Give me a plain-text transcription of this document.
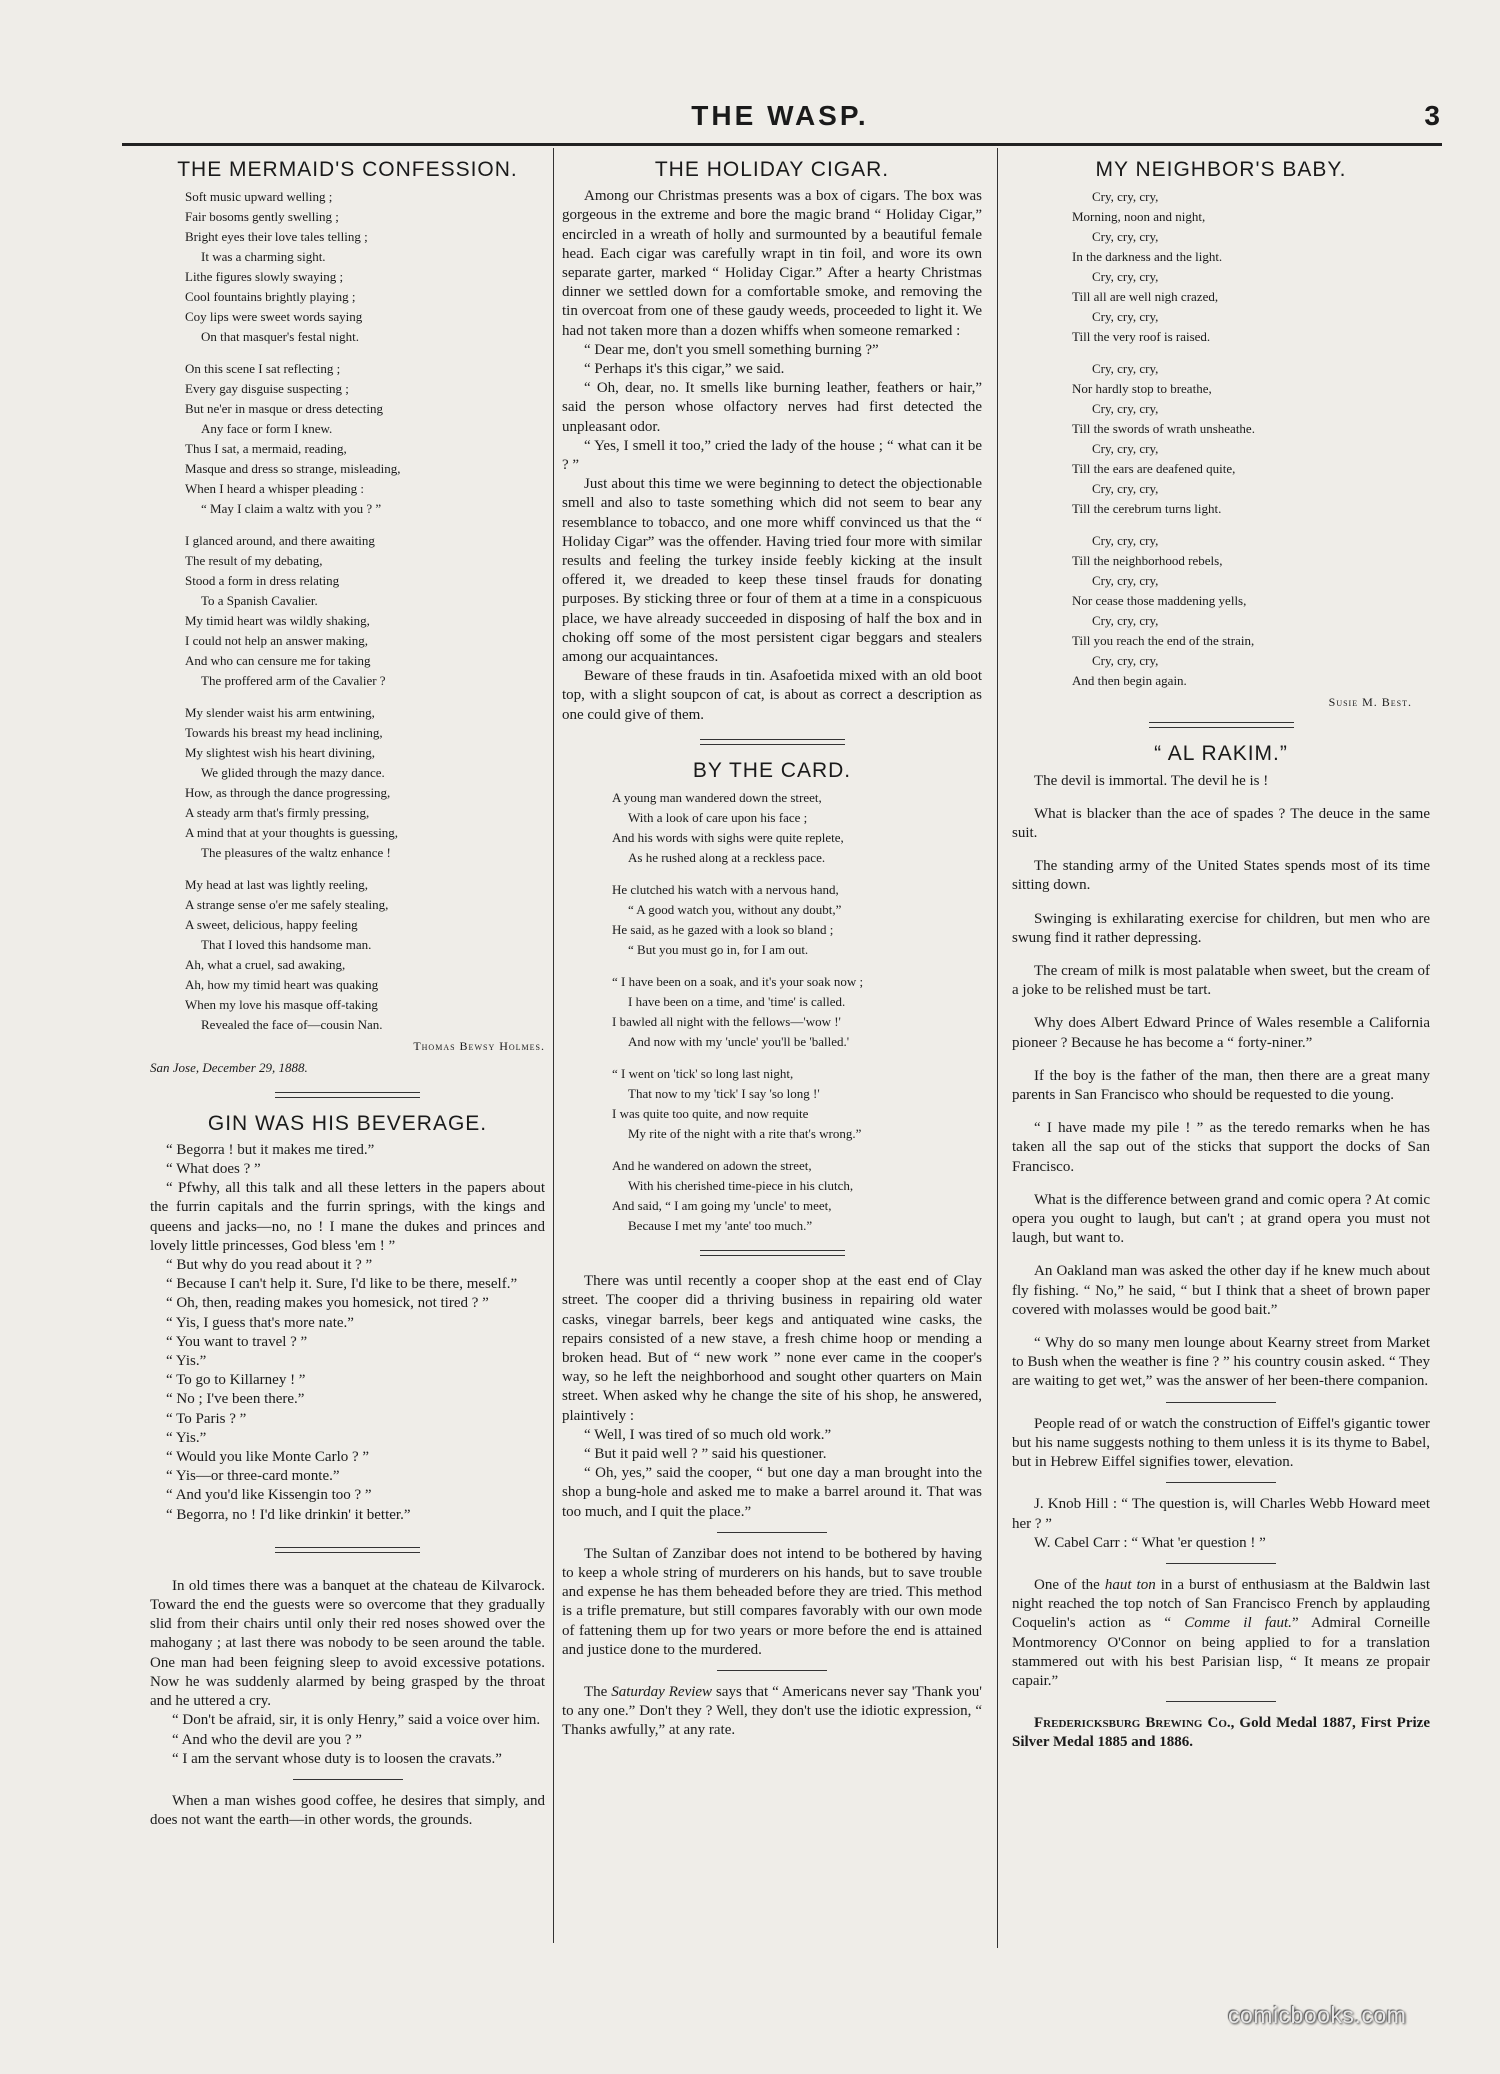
THE WASP.	3
THE MERMAID'S CONFESSION.
Soft music upward welling ;
Fair bosoms gently swelling ;
Bright eyes their love tales telling ;
It was a charming sight.
Lithe figures slowly swaying ;
Cool fountains brightly playing ;
Coy lips were sweet words saying
On that masquer's festal night.
On this scene I sat reflecting ;
Every gay disguise suspecting ;
But ne'er in masque or dress detecting
Any face or form I knew.
Thus I sat, a mermaid, reading,
Masque and dress so strange, misleading,
When I heard a whisper pleading :
“ May I claim a waltz with you ? ”
I glanced around, and there awaiting
The result of my debating,
Stood a form in dress relating
To a Spanish Cavalier.
My timid heart was wildly shaking,
I could not help an answer making,
And who can censure me for taking
The proffered arm of the Cavalier ?
My slender waist his arm entwining,
Towards his breast my head inclining,
My slightest wish his heart divining,
We glided through the mazy dance.
How, as through the dance progressing,
A steady arm that's firmly pressing,
A mind that at your thoughts is guessing,
The pleasures of the waltz enhance !
My head at last was lightly reeling,
A strange sense o'er me safely stealing,
A sweet, delicious, happy feeling
That I loved this handsome man.
Ah, what a cruel, sad awaking,
Ah, how my timid heart was quaking
When my love his masque off-taking
Revealed the face of—cousin Nan.
Thomas Bewsy Holmes.
San Jose, December 29, 1888.
GIN WAS HIS BEVERAGE.

“ Begorra ! but it makes me tired.”

“ What does ? ”

“ Pfwhy, all this talk and all these letters in the papers about the furrin capitals and the furrin springs, with the kings and queens and jacks—no, no ! I mane the dukes and princes and lovely little princesses, God bless 'em ! ”

“ But why do you read about it ? ”

“ Because I can't help it. Sure, I'd like to be there, meself.”

“ Oh, then, reading makes you homesick, not tired ? ”

“ Yis, I guess that's more nate.”

“ You want to travel ? ”

“ Yis.”

“ To go to Killarney ! ”

“ No ; I've been there.”

“ To Paris ? ”

“ Yis.”

“ Would you like Monte Carlo ? ”

“ Yis—or three-card monte.”

“ And you'd like Kissengin too ? ”

“ Begorra, no ! I'd like drinkin' it better.”

In old times there was a banquet at the chateau de Kilvarock. Toward the end the guests were so overcome that they gradually slid from their chairs until only their red noses showed over the mahogany ; at last there was nobody to be seen around the table. One man had been feigning sleep to avoid excessive potations. Now he was suddenly alarmed by being grasped by the throat and he uttered a cry.

“ Don't be afraid, sir, it is only Henry,” said a voice over him.

“ And who the devil are you ? ”

“ I am the servant whose duty is to loosen the cravats.”

When a man wishes good coffee, he desires that simply, and does not want the earth—in other words, the grounds.

THE HOLIDAY CIGAR.

Among our Christmas presents was a box of cigars. The box was gorgeous in the extreme and bore the magic brand “ Holiday Cigar,” encircled in a wreath of holly and surmounted by a beautiful female head. Each cigar was carefully wrapt in tin foil, and wore its own separate garter, marked “ Holiday Cigar.” After a hearty Christmas dinner we settled down for a comfortable smoke, and removing the tin overcoat from one of these gaudy weeds, proceeded to light it. We had not taken more than a dozen whiffs when someone remarked :

“ Dear me, don't you smell something burning ?”

“ Perhaps it's this cigar,” we said.

“ Oh, dear, no. It smells like burning leather, feathers or hair,” said the person whose olfactory nerves had first detected the unpleasant odor.

“ Yes, I smell it too,” cried the lady of the house ; “ what can it be ? ”

Just about this time we were beginning to detect the objectionable smell and also to taste something which did not seem to bear any resemblance to tobacco, and one more whiff convinced us that the “ Holiday Cigar” was the offender. Having tried four more with similar results and feeling the turkey inside feebly kicking at the insult offered it, we dreaded to keep these tinsel frauds for donating purposes. By sticking three or four of them at a time in a conspicuous place, we have already succeeded in disposing of half the box and in choking off some of the most persistent cigar beggars and stealers among our acquaintances.

Beware of these frauds in tin. Asafoetida mixed with an old boot top, with a slight soupcon of cat, is about as correct a description as one could give of them.

BY THE CARD.
A young man wandered down the street,
With a look of care upon his face ;
And his words with sighs were quite replete,
As he rushed along at a reckless pace.
He clutched his watch with a nervous hand,
“ A good watch you, without any doubt,”
He said, as he gazed with a look so bland ;
“ But you must go in, for I am out.
“ I have been on a soak, and it's your soak now ;
I have been on a time, and 'time' is called.
I bawled all night with the fellows—'wow !'
And now with my 'uncle' you'll be 'balled.'
“ I went on 'tick' so long last night,
That now to my 'tick' I say 'so long !'
I was quite too quite, and now requite
My rite of the night with a rite that's wrong.”
And he wandered on adown the street,
With his cherished time-piece in his clutch,
And said, “ I am going my 'uncle' to meet,
Because I met my 'ante' too much.”

There was until recently a cooper shop at the east end of Clay street. The cooper did a thriving business in repairing old water casks, vinegar barrels, beer kegs and antiquated wine casks, the repairs consisted of a new stave, a fresh chime hoop or mending a broken head. But of “ new work ” none ever came in the cooper's way, so he left the neighborhood and sought other quarters on Main street. When asked why he change the site of his shop, he answered, plaintively :

“ Well, I was tired of so much old work.”

“ But it paid well ? ” said his questioner.

“ Oh, yes,” said the cooper, “ but one day a man brought into the shop a bung-hole and asked me to make a barrel around it. That was too much, and I quit the place.”

The Sultan of Zanzibar does not intend to be bothered by having to keep a whole string of murderers on his hands, but to save trouble and expense he has them beheaded before they are tried. This method is a trifle premature, but still compares favorably with our own mode of fattening them up for two years or more before the end is attained and justice done to the murdered.

The Saturday Review says that “ Americans never say 'Thank you' to any one.” Don't they ? Well, they don't use the idiotic expression, “ Thanks awfully,” at any rate.

MY NEIGHBOR'S BABY.
Cry, cry, cry,
Morning, noon and night,
Cry, cry, cry,
In the darkness and the light.
Cry, cry, cry,
Till all are well nigh crazed,
Cry, cry, cry,
Till the very roof is raised.
Cry, cry, cry,
Nor hardly stop to breathe,
Cry, cry, cry,
Till the swords of wrath unsheathe.
Cry, cry, cry,
Till the ears are deafened quite,
Cry, cry, cry,
Till the cerebrum turns light.
Cry, cry, cry,
Till the neighborhood rebels,
Cry, cry, cry,
Nor cease those maddening yells,
Cry, cry, cry,
Till you reach the end of the strain,
Cry, cry, cry,
And then begin again.
Susie M. Best.
“ AL RAKIM.”

The devil is immortal. The devil he is !

What is blacker than the ace of spades ? The deuce in the same suit.

The standing army of the United States spends most of its time sitting down.

Swinging is exhilarating exercise for children, but men who are swung find it rather depressing.

The cream of milk is most palatable when sweet, but the cream of a joke to be relished must be tart.

Why does Albert Edward Prince of Wales resemble a California pioneer ? Because he has become a “ forty-niner.”

If the boy is the father of the man, then there are a great many parents in San Francisco who should be requested to die young.

“ I have made my pile ! ” as the teredo remarks when he has taken all the sap out of the sticks that support the docks of San Francisco.

What is the difference between grand and comic opera ? At comic opera you ought to laugh, but can't ; at grand opera you must not laugh, but want to.

An Oakland man was asked the other day if he knew much about fly fishing. “ No,” he said, “ but I think that a sheet of brown paper covered with molasses would be good bait.”

“ Why do so many men lounge about Kearny street from Market to Bush when the weather is fine ? ” his country cousin asked. “ They are waiting to get wet,” was the answer of her been-there companion.

People read of or watch the construction of Eiffel's gigantic tower but his name suggests nothing to them unless it is its thyme to Babel, but in Hebrew Eiffel signifies tower, elevation.

J. Knob Hill : “ The question is, will Charles Webb Howard meet her ? ”

W. Cabel Carr : “ What 'er question ! ”

One of the haut ton in a burst of enthusiasm at the Baldwin last night reached the top notch of San Francisco French by applauding Coquelin's action as “ Comme il faut.” Admiral Corneille Montmorency O'Connor on being applied to for a translation stammered out with his best Parisian lisp, “ It means ze propair capair.”

Fredericksburg Brewing Co., Gold Medal 1887, First Prize Silver Medal 1885 and 1886.

comicbooks.com
